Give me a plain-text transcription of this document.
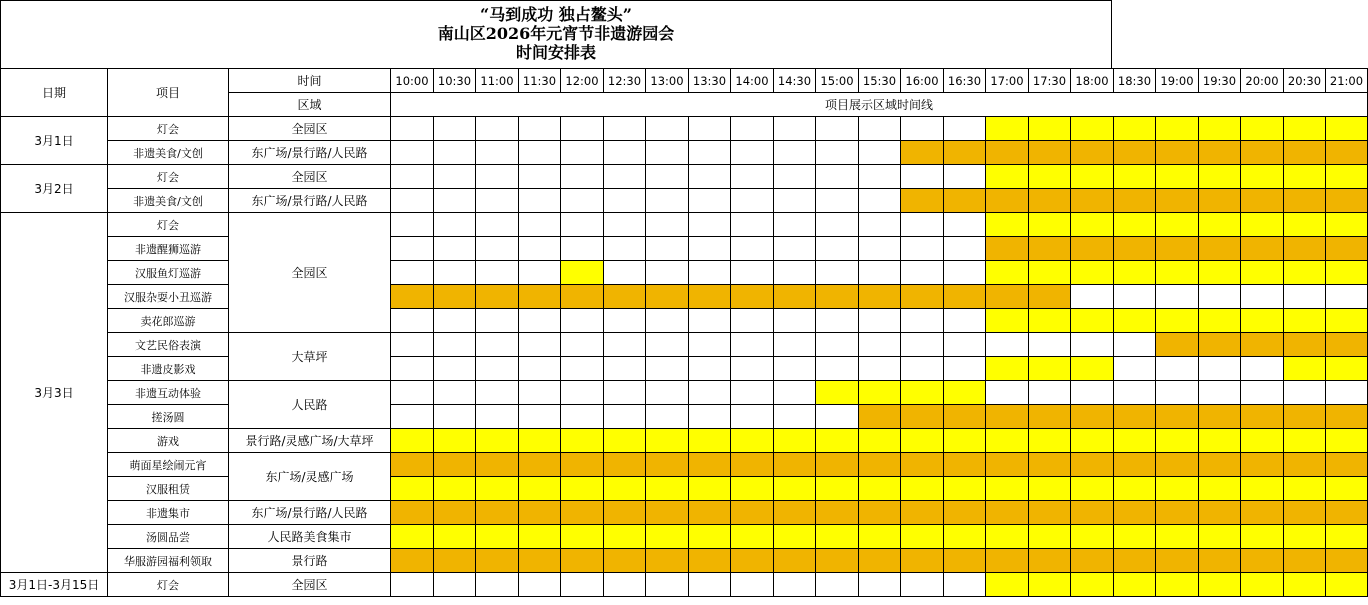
“马到成功 独占鳌头”
南山区2026年元宵节非遗游园会
时间安排表
日期	项目	时间	10:00	10:30	11:00	11:30	12:00	12:30	13:00	13:30	14:00	14:30	15:00	15:30	16:00	16:30	17:00	17:30	18:00	18:30	19:00	19:30	20:00	20:30	21:00
		区域	项目展示区域时间线																						
3月1日	灯会	全园区																							
	非遗美食/文创	东广场/景行路/人民路																							
3月2日	灯会	全园区																							
	非遗美食/文创	东广场/景行路/人民路																							
3月3日	灯会	全园区																							
	非遗醒狮巡游																								
	汉服鱼灯巡游																								
	汉服杂耍小丑巡游																								
	卖花郎巡游																								
	文艺民俗表演	大草坪																							
	非遗皮影戏																								
	非遗互动体验	人民路																							
	搓汤圆																								
	游戏	景行路/灵感广场/大草坪																							
	萌面星绘闹元宵	东广场/灵感广场																							
	汉服租赁																								
	非遗集市	东广场/景行路/人民路																							
	汤圆品尝	人民路美食集市																							
	华服游园福利领取	景行路																							
3月1日-3月15日	灯会	全园区																							
